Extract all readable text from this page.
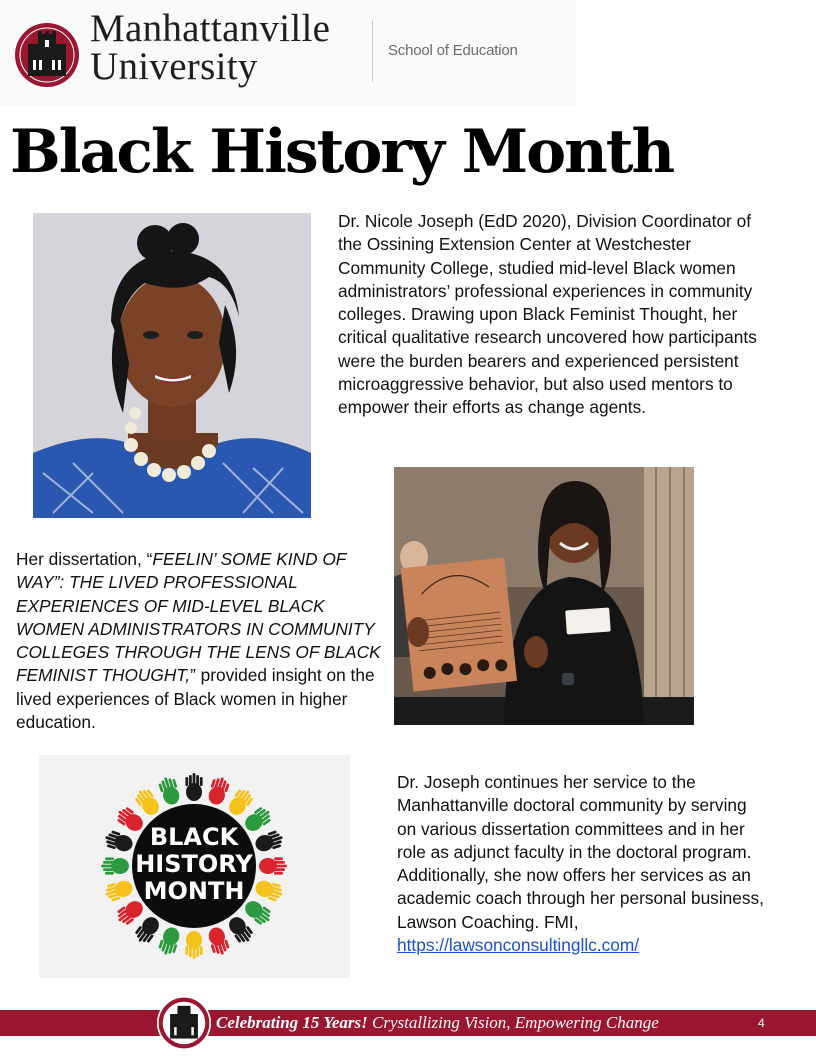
Manhattanville
University	School of Education
Black History Month

Dr. Nicole Joseph (EdD 2020), Division Coordinator of the Ossining Extension Center at Westchester Community College, studied mid-level Black women administrators’ professional experiences in community colleges. Drawing upon Black Feminist Thought, her critical qualitative research uncovered how participants were the burden bearers and experienced persistent microaggressive behavior, but also used mentors to empower their efforts as change agents.

Her dissertation, “FEELIN’ SOME KIND OF WAY”: THE LIVED PROFESSIONAL EXPERIENCES OF MID-LEVEL BLACK WOMEN ADMINISTRATORS IN COMMUNITY COLLEGES THROUGH THE LENS OF BLACK FEMINIST THOUGHT,” provided insight on the lived experiences of Black women in higher education.

BLACK
HISTORY
MONTH

Dr. Joseph continues her service to the Manhattanville doctoral community by serving on various dissertation committees and in her role as adjunct faculty in the doctoral program. Additionally, she now offers her services as an academic coach through her personal business, Lawson Coaching. FMI,
https://lawsonconsultingllc.com/

Celebrating 15 Years! Crystallizing Vision, Empowering Change	4
